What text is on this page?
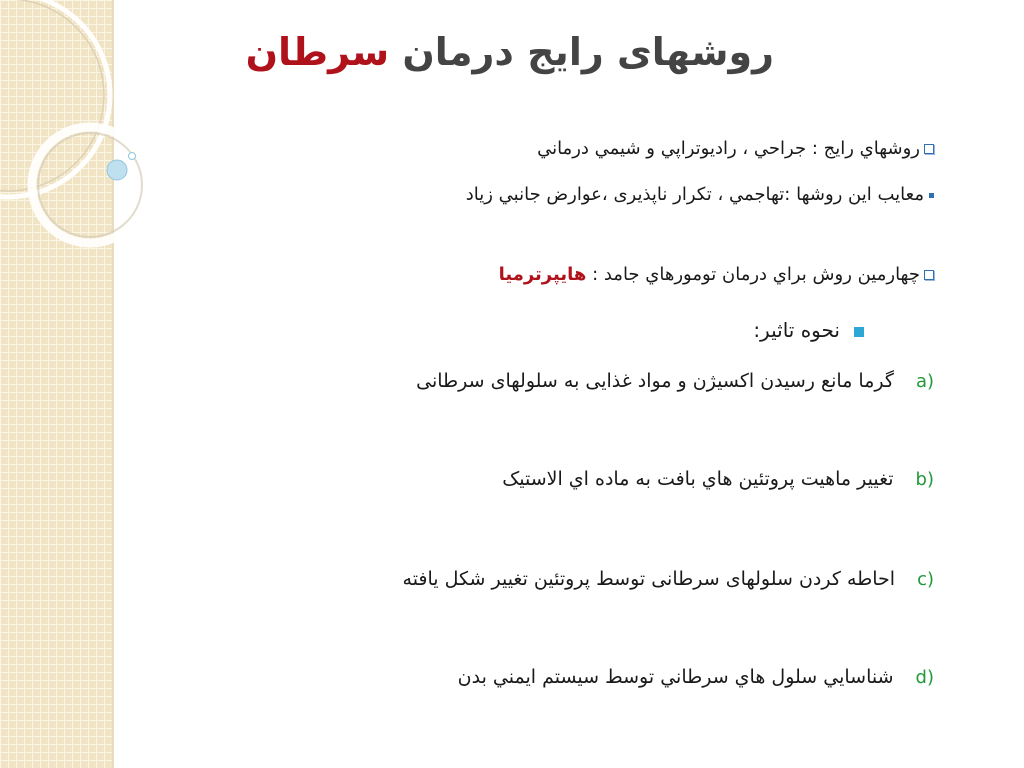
روشهای رایج درمان سرطان
روشهاي رايج : جراحي ، راديوتراپي و شيمي درماني
معايب اين روشها :تهاجمي ، تکرار ناپذیری ،عوارض جانبي زياد
چهارمين روش براي درمان تومورهاي جامد : هايپرترميا
نحوه تاثير:
a)گرما مانع رسیدن اکسیژن و مواد غذایی به سلولهای سرطانی
b)تغيير ماهيت پروتئين هاي بافت به ماده اي الاستيک
c)احاطه کردن سلولهای سرطانی توسط پروتئین تغییر شکل یافته
d)شناسايي سلول هاي سرطاني توسط سيستم ايمني بدن
